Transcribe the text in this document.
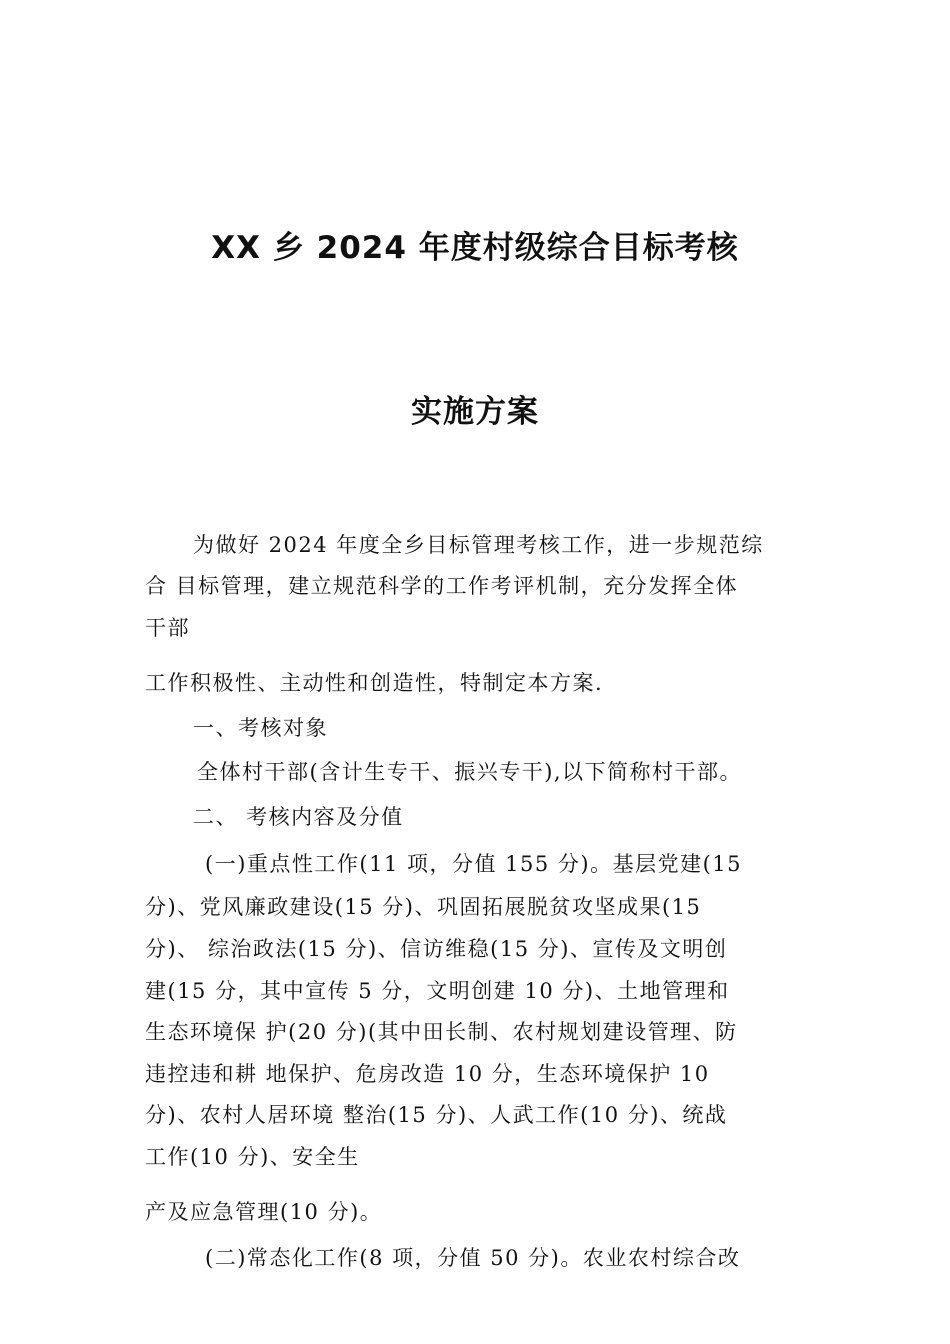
XX 乡 2024 年度村级综合目标考核
实施方案
为做好 2024 年度全乡目标管理考核工作，进一步规范综
合 目标管理，建立规范科学的工作考评机制，充分发挥全体
干部
工作积极性、主动性和创造性，特制定本方案.
一、考核对象
全体村干部(含计生专干、振兴专干),以下简称村干部。
二、 考核内容及分值
(一)重点性工作(11 项，分值 155 分)。基层党建(15
分)、党风廉政建设(15 分)、巩固拓展脱贫攻坚成果(15
分)、 综治政法(15 分)、信访维稳(15 分)、宣传及文明创
建(15 分，其中宣传 5 分，文明创建 10 分)、土地管理和
生态环境保 护(20 分)(其中田长制、农村规划建设管理、防
违控违和耕 地保护、危房改造 10 分，生态环境保护 10
分)、农村人居环境 整治(15 分)、人武工作(10 分)、统战
工作(10 分)、安全生
产及应急管理(10 分)。
(二)常态化工作(8 项，分值 50 分)。农业农村综合改
